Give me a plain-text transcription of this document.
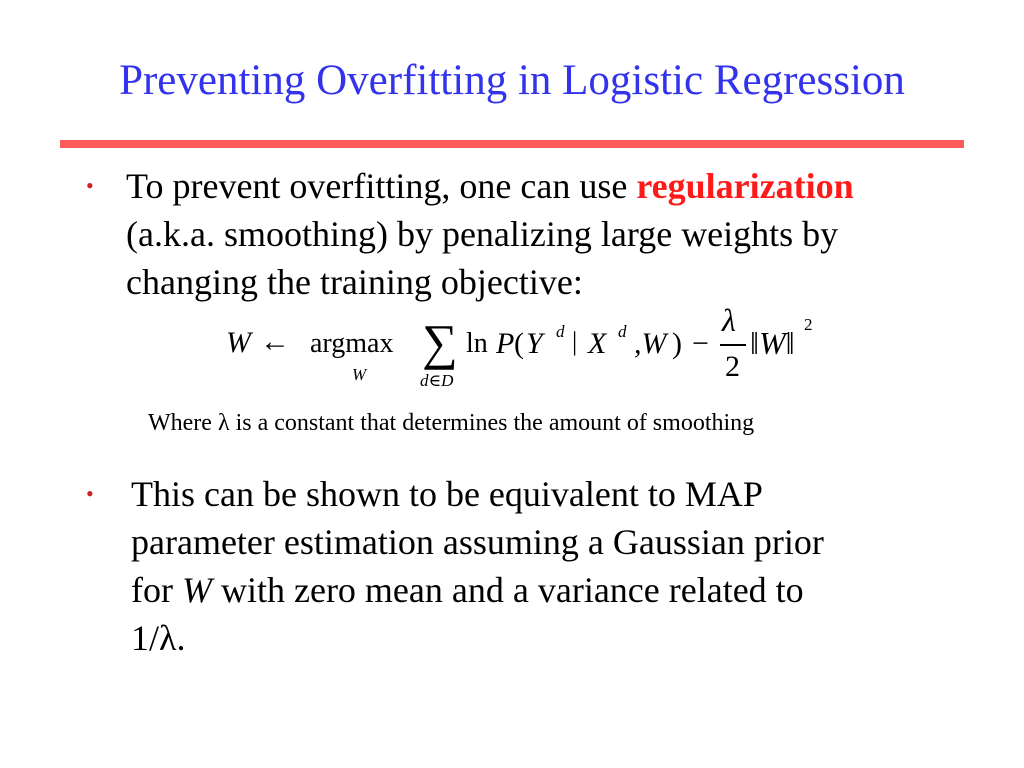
Preventing Overfitting in Logistic Regression
• To prevent overfitting, one can use regularization
(a.k.a. smoothing) by penalizing large weights by
changing the training objective:
W ← argmax
W
∑
d∈D
ln P ( Y d | X d ,W ) −
λ
2
‖W‖
2
Where λ is a constant that determines the amount of smoothing
• This can be shown to be equivalent to MAP
parameter estimation assuming a Gaussian prior
for W with zero mean and a variance related to
1/λ.
